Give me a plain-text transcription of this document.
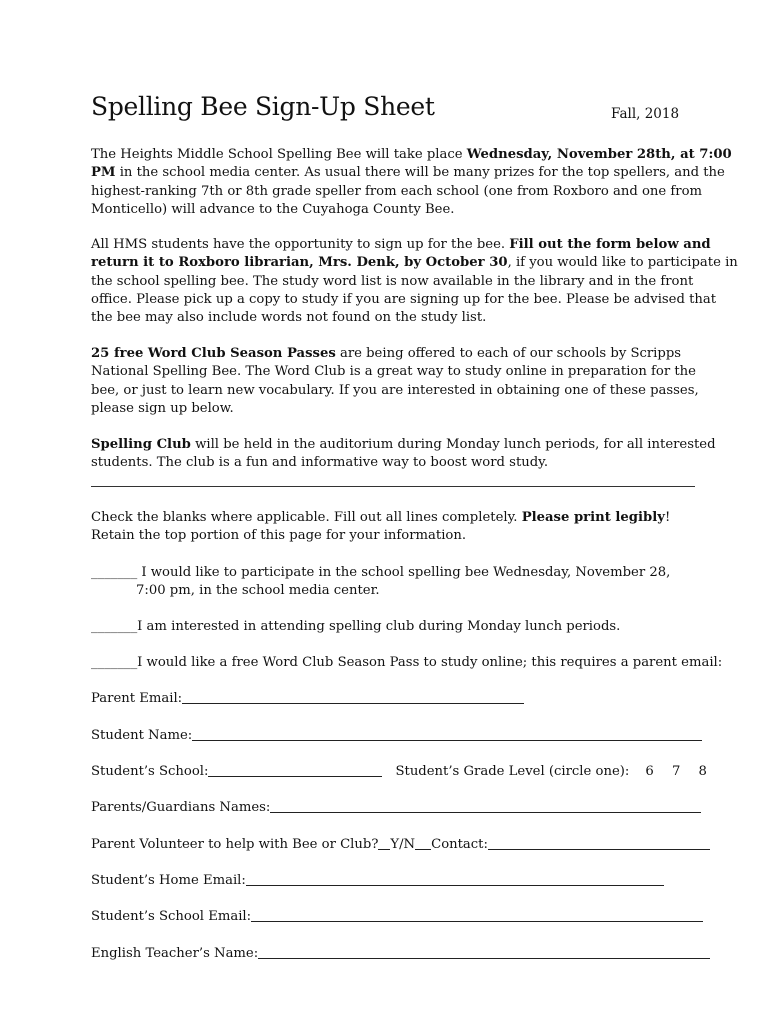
Spelling Bee Sign-Up Sheet	Fall, 2018
The Heights Middle School Spelling Bee will take place Wednesday, November 28th, at 7:00
PM in the school media center. As usual there will be many prizes for the top spellers, and the
highest-ranking 7th or 8th grade speller from each school (one from Roxboro and one from
Monticello) will advance to the Cuyahoga County Bee.
All HMS students have the opportunity to sign up for the bee. Fill out the form below and
return it to Roxboro librarian, Mrs. Denk, by October 30, if you would like to participate in
the school spelling bee. The study word list is now available in the library and in the front
office. Please pick up a copy to study if you are signing up for the bee. Please be advised that
the bee may also include words not found on the study list.
25 free Word Club Season Passes are being offered to each of our schools by Scripps
National Spelling Bee. The Word Club is a great way to study online in preparation for the
bee, or just to learn new vocabulary. If you are interested in obtaining one of these passes,
please sign up below.
Spelling Club will be held in the auditorium during Monday lunch periods, for all interested
students. The club is a fun and informative way to boost word study.
Check the blanks where applicable. Fill out all lines completely. Please print legibly!
Retain the top portion of this page for your information.
_______ I would like to participate in the school spelling bee Wednesday, November 28,
7:00 pm, in the school media center.
_______I am interested in attending spelling club during Monday lunch periods.
_______I would like a free Word Club Season Pass to study online; this requires a parent email:
Parent Email:
Student Name:
Student’s School:	Student’s Grade Level (circle one): 6 7 8
Parents/Guardians Names:
Parent Volunteer to help with Bee or Club? Y/N Contact:
Student’s Home Email:
Student’s School Email:
English Teacher’s Name:
